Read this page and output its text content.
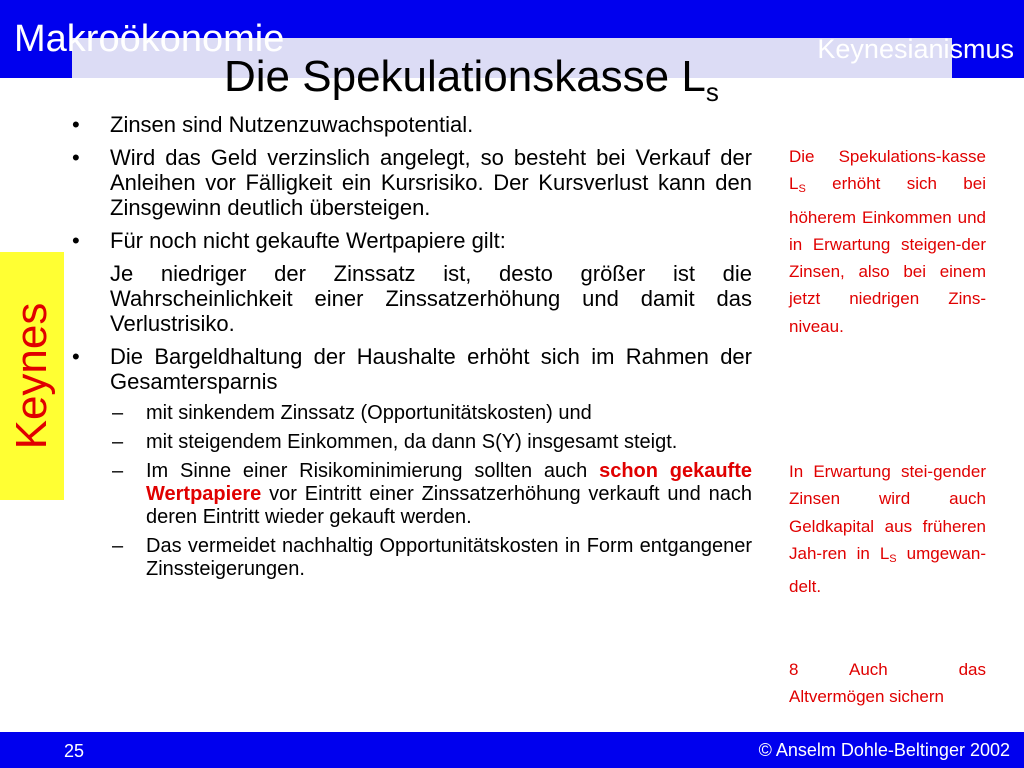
Makroökonomie	Keynesianismus
Die Spekulationskasse $L_s$
Keynes
• Zinsen sind Nutzenzuwachspotential.
• Wird das Geld verzinslich angelegt, so besteht bei Verkauf der Anleihen vor Fälligkeit ein Kursrisiko. Der Kursverlust kann den Zinsgewinn deutlich übersteigen.
• Für noch nicht gekaufte Wertpapiere gilt:
Je niedriger der Zinssatz ist, desto größer ist die Wahrscheinlichkeit einer Zinssatzerhöhung und damit das Verlustrisiko.
• Die Bargeldhaltung der Haushalte erhöht sich im Rahmen der Gesamtersparnis
– mit sinkendem Zinssatz (Opportunitätskosten) und
– mit steigendem Einkommen, da dann S(Y) insgesamt steigt.
– Im Sinne einer Risikominimierung sollten auch schon gekaufte Wertpapiere vor Eintritt einer Zinssatzerhöhung verkauft und nach deren Eintritt wieder gekauft werden.
– Das vermeidet nachhaltig Opportunitätskosten in Form entgangener Zinssteigerungen.
Die Spekulations-kasse $L_S$ erhöht sich bei höherem Einkommen und in Erwartung steigen-der Zinsen, also bei einem jetzt niedrigen Zins-niveau.
In Erwartung stei-gender Zinsen wird auch Geldkapital aus früheren Jah-ren in $L_S$ umgewan-delt.
8	Auch das Altvermögen sichern
25	© Anselm Dohle-Beltinger 2002
